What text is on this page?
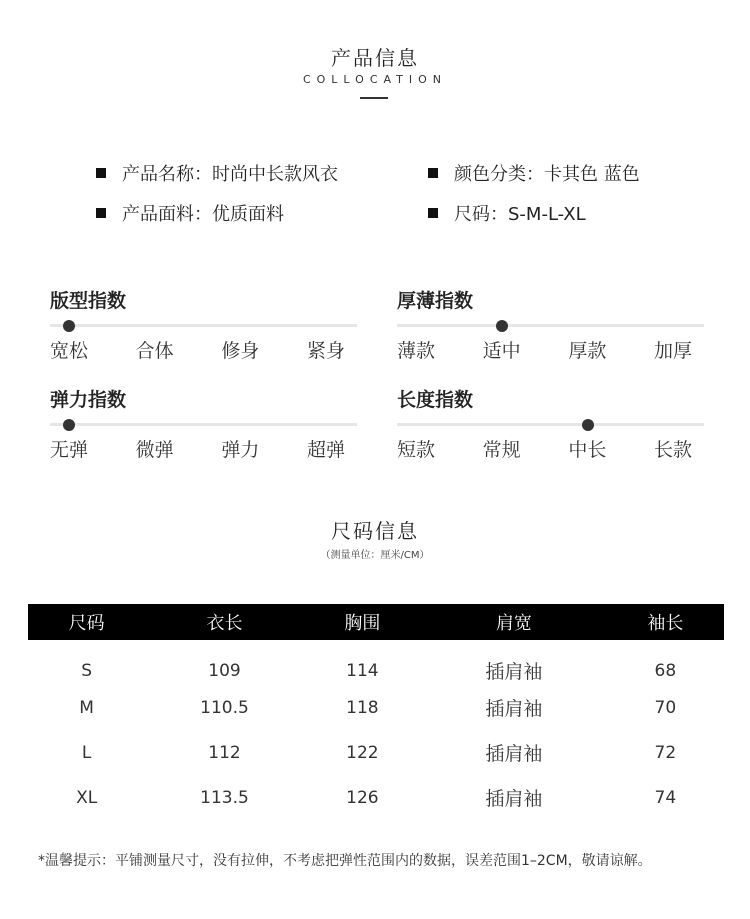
产品信息
COLLOCATION
产品名称：时尚中长款风衣	颜色分类：卡其色 蓝色
产品面料：优质面料	尺码：S-M-L-XL
版型指数
宽松	合体	修身	紧身
厚薄指数
薄款	适中	厚款	加厚
弹力指数
无弹	微弹	弹力	超弹
长度指数
短款	常规	中长	长款
尺码信息
（测量单位：厘米/CM）
尺码	衣长	胸围	肩宽	袖长
S	109	114	插肩袖	68
M	110.5	118	插肩袖	70
L	112	122	插肩袖	72
XL	113.5	126	插肩袖	74
*温馨提示：平铺测量尺寸，没有拉伸，不考虑把弹性范围内的数据，误差范围1–2CM，敬请谅解。
